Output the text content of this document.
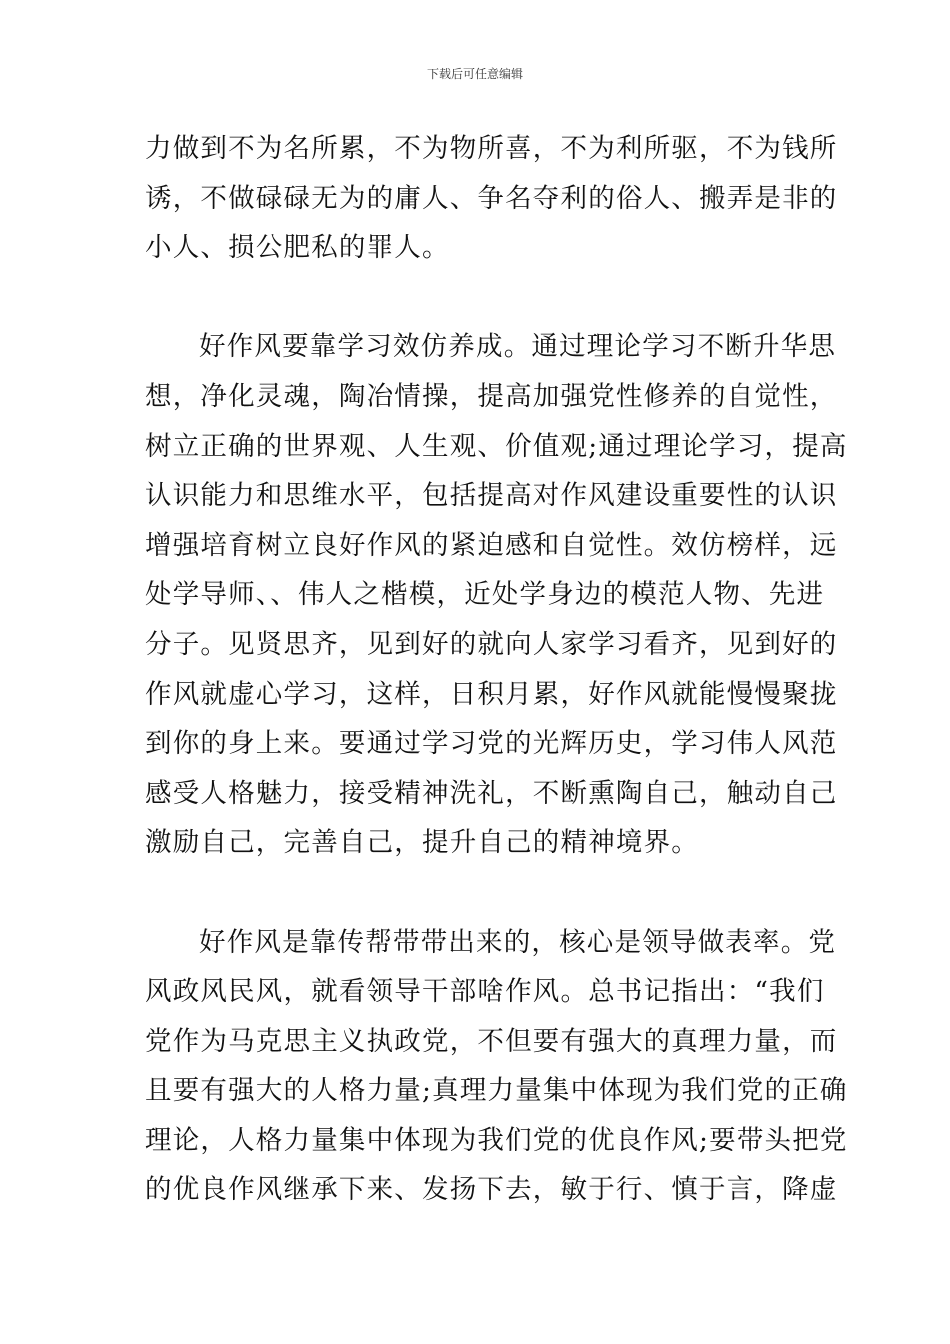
下载后可任意编辑
力做到不为名所累，不为物所喜，不为利所驱，不为钱所
诱，不做碌碌无为的庸人、争名夺利的俗人、搬弄是非的
小人、损公肥私的罪人。
好作风要靠学习效仿养成。通过理论学习不断升华思
想，净化灵魂，陶冶情操，提高加强党性修养的自觉性，
树立正确的世界观、人生观、价值观;通过理论学习，提高
认识能力和思维水平，包括提高对作风建设重要性的认识
增强培育树立良好作风的紧迫感和自觉性。效仿榜样，远
处学导师、、伟人之楷模，近处学身边的模范人物、先进
分子。见贤思齐，见到好的就向人家学习看齐，见到好的
作风就虚心学习，这样，日积月累，好作风就能慢慢聚拢
到你的身上来。要通过学习党的光辉历史，学习伟人风范
感受人格魅力，接受精神洗礼，不断熏陶自己，触动自己
激励自己，完善自己，提升自己的精神境界。
好作风是靠传帮带带出来的，核心是领导做表率。党
风政风民风，就看领导干部啥作风。总书记指出：“我们
党作为马克思主义执政党，不但要有强大的真理力量，而
且要有强大的人格力量;真理力量集中体现为我们党的正确
理论，人格力量集中体现为我们党的优良作风;要带头把党
的优良作风继承下来、发扬下去，敏于行、慎于言，降虚
